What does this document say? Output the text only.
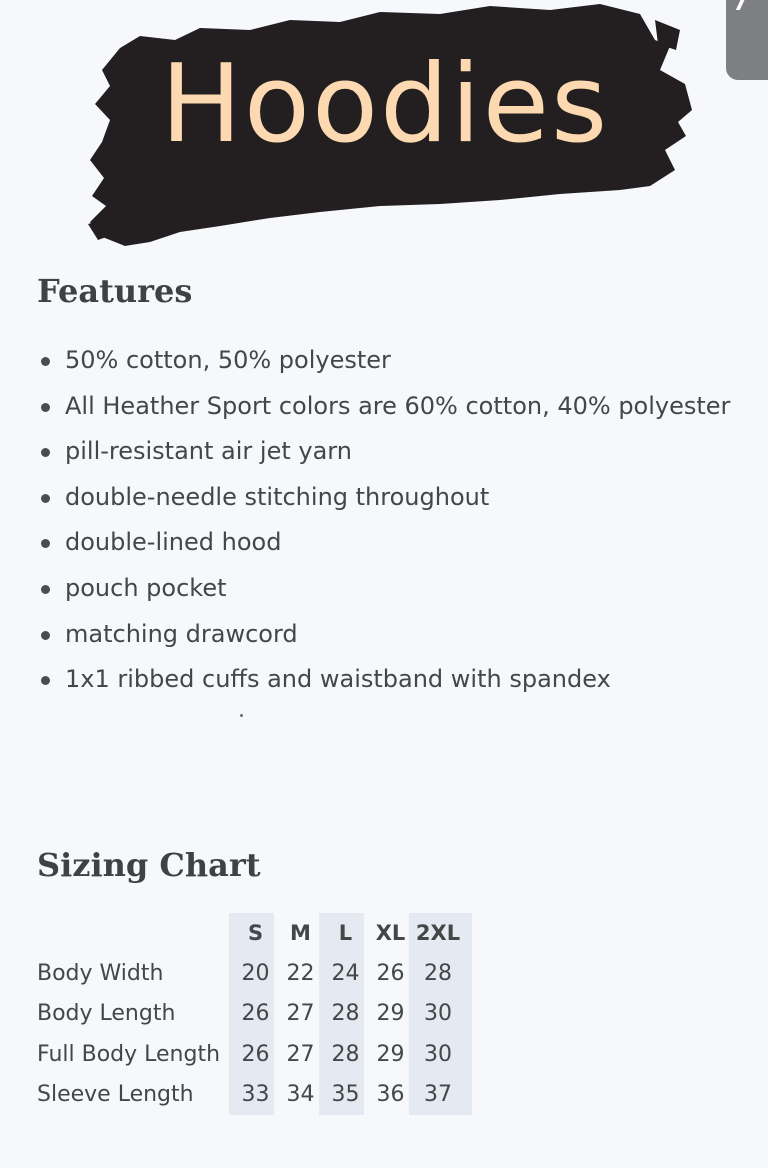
Hoodies
Features
50% cotton, 50% polyester
All Heather Sport colors are 60% cotton, 40% polyester
pill-resistant air jet yarn
double-needle stitching throughout
double-lined hood
pouch pocket
matching drawcord
1x1 ribbed cuffs and waistband with spandex
Sizing Chart
	S	M	L	XL	2XL
Body Width	20	22	24	26	28
Body Length	26	27	28	29	30
Full Body Length	26	27	28	29	30
Sleeve Length	33	34	35	36	37
